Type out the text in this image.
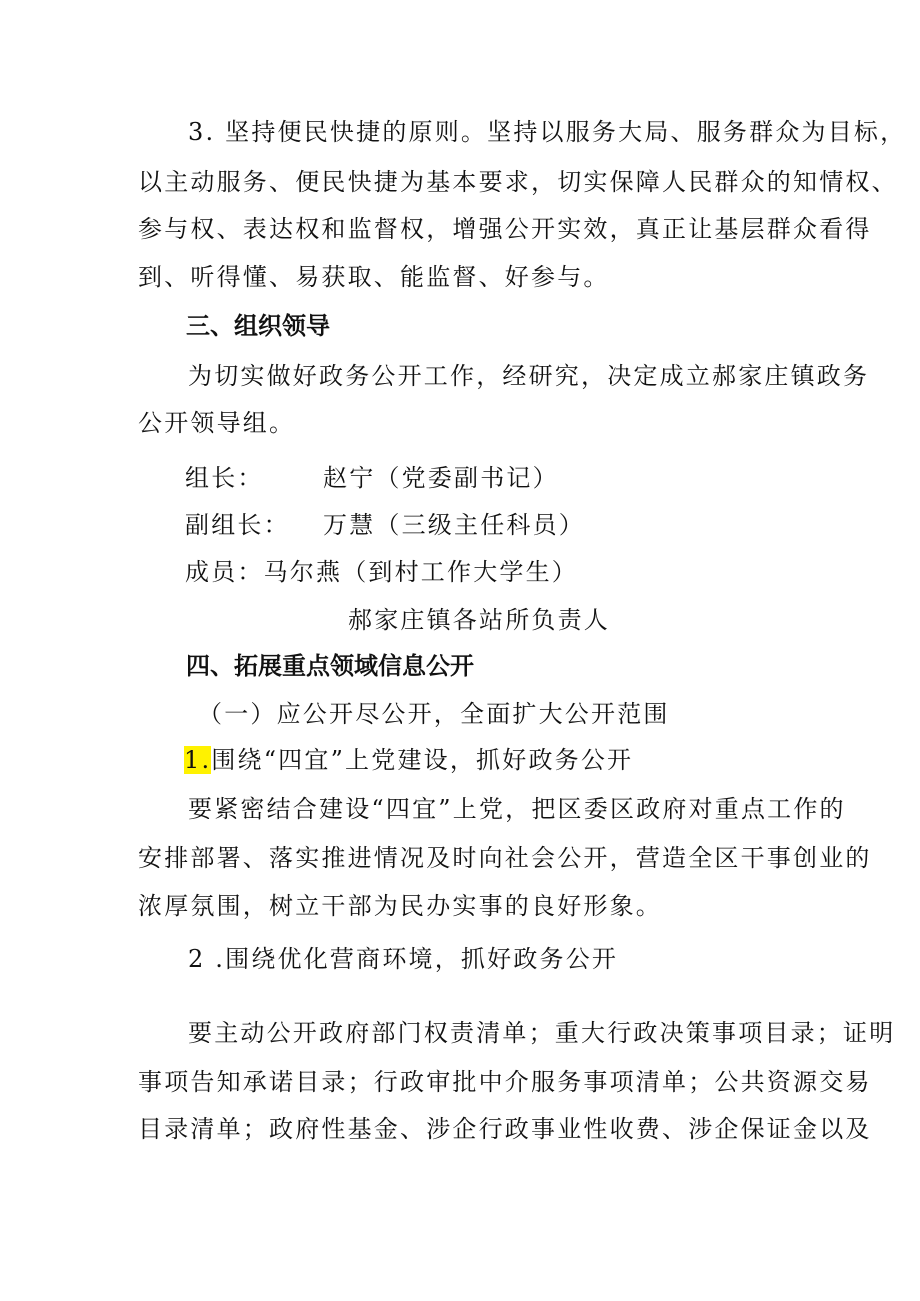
3. 坚持便民快捷的原则。坚持以服务大局、服务群众为目标，
以主动服务、便民快捷为基本要求，切实保障人民群众的知情权、
参与权、表达权和监督权，增强公开实效，真正让基层群众看得
到、听得懂、易获取、能监督、好参与。
三、组织领导
为切实做好政务公开工作，经研究，决定成立郝家庄镇政务
公开领导组。
组长： 赵宁（党委副书记）
副组长： 万慧（三级主任科员）
成员：马尔燕（到村工作大学生）
郝家庄镇各站所负责人
四、拓展重点领域信息公开
（一）应公开尽公开，全面扩大公开范围
1.围绕“四宜”上党建设，抓好政务公开
要紧密结合建设“四宜”上党，把区委区政府对重点工作的
安排部署、落实推进情况及时向社会公开，营造全区干事创业的
浓厚氛围，树立干部为民办实事的良好形象。
2 .围绕优化营商环境，抓好政务公开
要主动公开政府部门权责清单；重大行政决策事项目录；证明
事项告知承诺目录；行政审批中介服务事项清单；公共资源交易
目录清单；政府性基金、涉企行政事业性收费、涉企保证金以及
